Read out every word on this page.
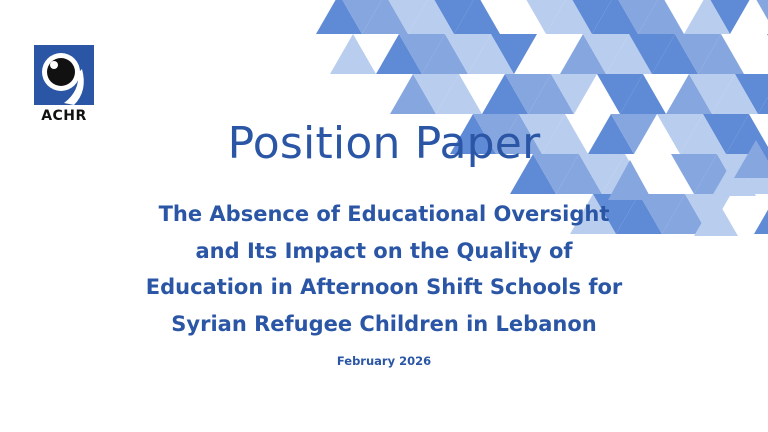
ACHR
Position Paper
The Absence of Educational Oversight
and Its Impact on the Quality of
Education in Afternoon Shift Schools for
Syrian Refugee Children in Lebanon
February 2026
